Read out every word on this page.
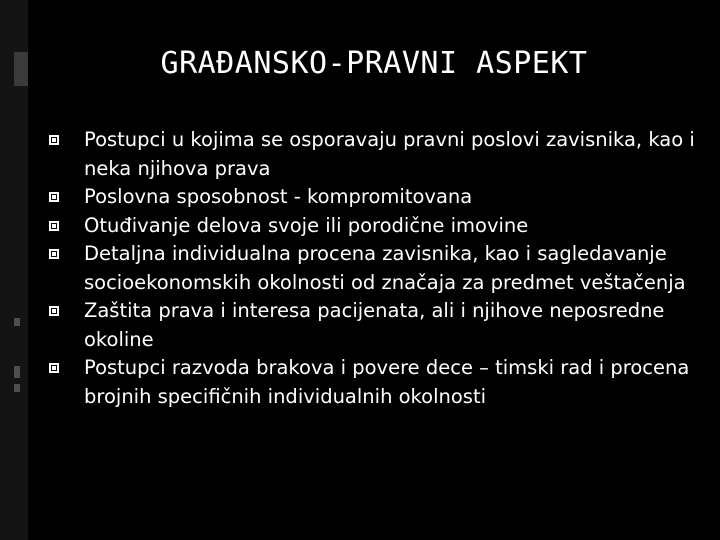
GRAĐANSKO-PRAVNI ASPEKT
Postupci u kojima se osporavaju pravni poslovi zavisnika, kao i neka njihova prava
Poslovna sposobnost - kompromitovana
Otuđivanje delova svoje ili porodične imovine
Detaljna individualna procena zavisnika, kao i sagledavanje socioekonomskih okolnosti od značaja za predmet veštačenja
Zaštita prava i interesa pacijenata, ali i njihove neposredne okoline
Postupci razvoda brakova i povere dece – timski rad i procena brojnih specifičnih individualnih okolnosti
